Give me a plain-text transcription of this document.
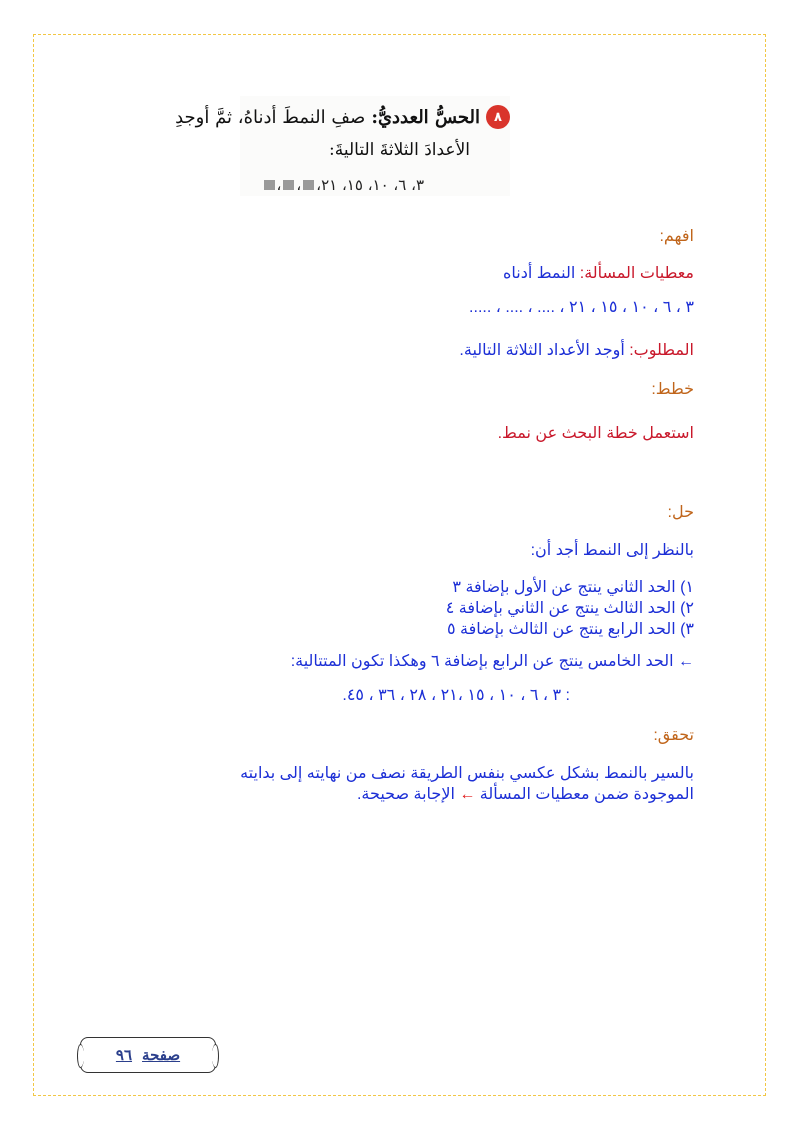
٨
الحسُّ العدديُّ:
صفِ النمطَ أدناهُ، ثمَّ أوجدِ
الأعدادَ الثلاثةَ التاليةَ:
٣، ٦، ١٠، ١٥، ٢١،
،
،
افهم:
معطيات المسألة: النمط أدناه
٣ ، ٦ ، ١٠ ، ١٥ ، ٢١ ، .... ، .... ، .....
المطلوب: أوجد الأعداد الثلاثة التالية.
خطط:
استعمل خطة البحث عن نمط.
حل:
بالنظر إلى النمط أجد أن:
١) الحد الثاني ينتج عن الأول بإضافة ٣
٢) الحد الثالث ينتج عن الثاني بإضافة ٤
٣) الحد الرابع ينتج عن الثالث بإضافة ٥
← الحد الخامس ينتج عن الرابع بإضافة ٦ وهكذا تكون المتتالية:
: ٣ ، ٦ ، ١٠ ، ١٥ ،٢١ ، ٢٨ ، ٣٦ ، ٤٥.
تحقق:
بالسير بالنمط بشكل عكسي بنفس الطريقة نصف من نهايته إلى بدايته
الموجودة ضمن معطيات المسألة ← الإجابة صحيحة.
صفحة
٩٦
